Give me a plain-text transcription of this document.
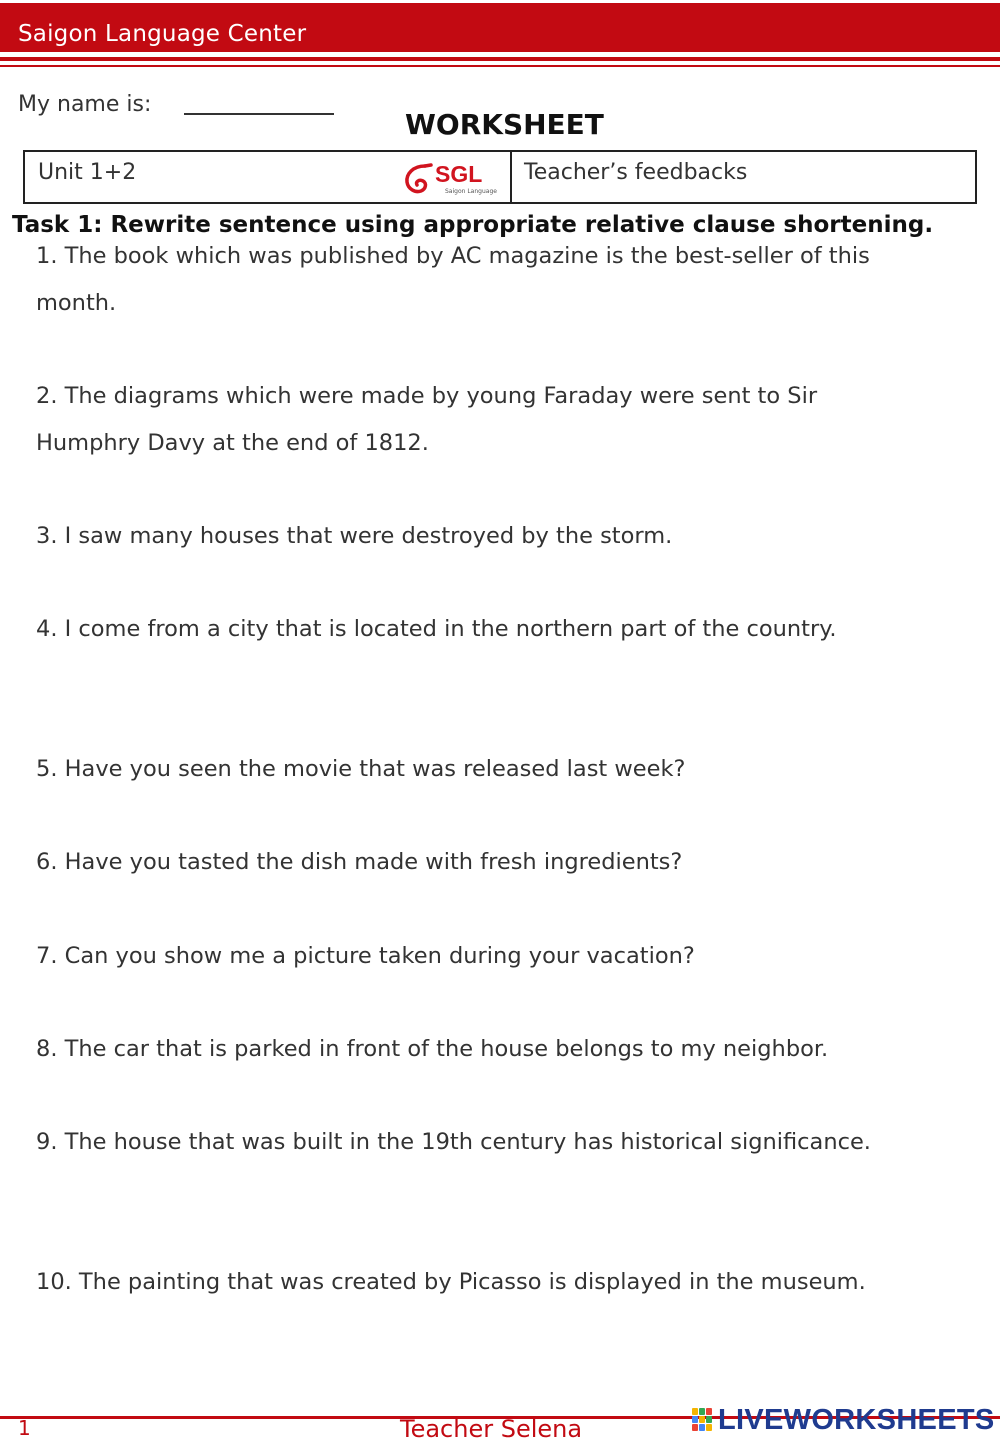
Saigon Language Center
My name is:
WORKSHEET
Unit 1+2	SGL
Saigon Language
Teacher’s feedbacks
Task 1: Rewrite sentence using appropriate relative clause shortening.
1. The book which was published by AC magazine is the best-seller of this month.
2. The diagrams which were made by young Faraday were sent to Sir Humphry Davy at the end of 1812.
3. I saw many houses that were destroyed by the storm.
4. I come from a city that is located in the northern part of the country.
5. Have you seen the movie that was released last week?
6. Have you tasted the dish made with fresh ingredients?
7. Can you show me a picture taken during your vacation?
8. The car that is parked in front of the house belongs to my neighbor.
9. The house that was built in the 19th century has historical significance.
10. The painting that was created by Picasso is displayed in the museum.
1	Teacher Selena	LIVEWORKSHEETS
